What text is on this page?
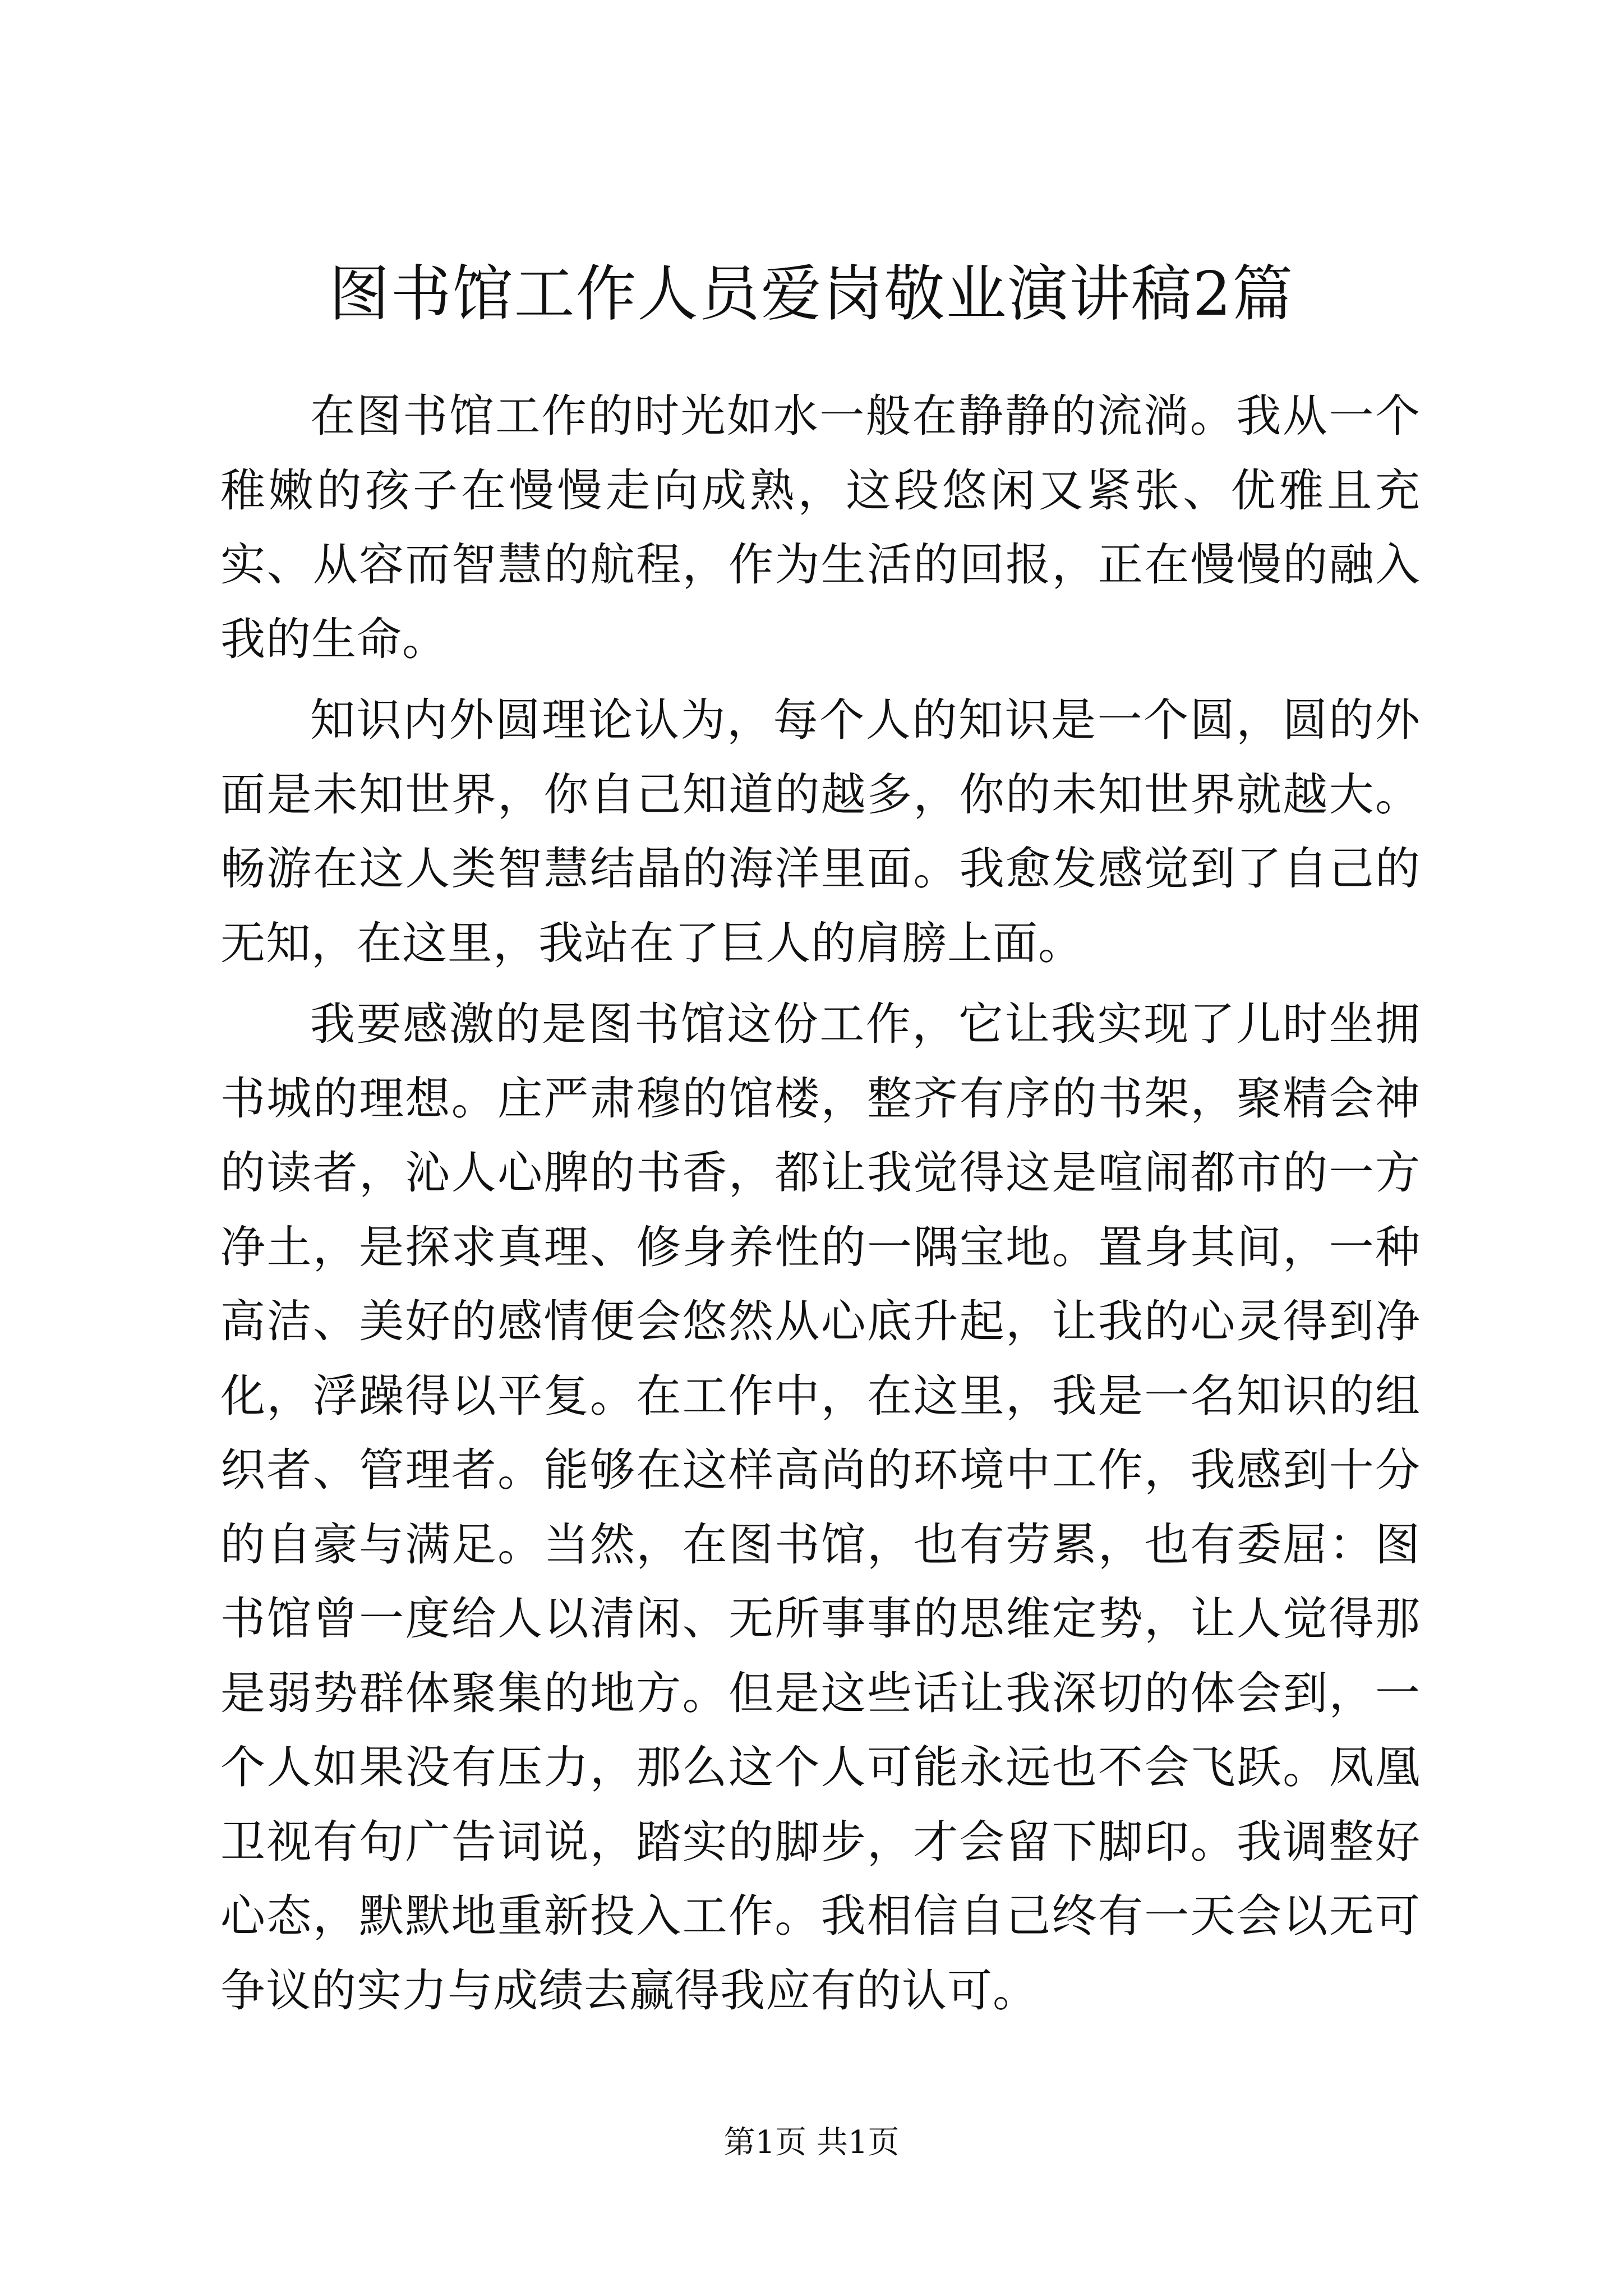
图书馆工作人员爱岗敬业演讲稿2篇

在图书馆工作的时光如水一般在静静的流淌。我从一个稚嫩的孩子在慢慢走向成熟，这段悠闲又紧张、优雅且充实、从容而智慧的航程，作为生活的回报，正在慢慢的融入我的生命。

知识内外圆理论认为，每个人的知识是一个圆，圆的外面是未知世界，你自己知道的越多，你的未知世界就越大。畅游在这人类智慧结晶的海洋里面。我愈发感觉到了自己的无知，在这里，我站在了巨人的肩膀上面。

我要感激的是图书馆这份工作，它让我实现了儿时坐拥书城的理想。庄严肃穆的馆楼，整齐有序的书架，聚精会神的读者，沁人心脾的书香，都让我觉得这是喧闹都市的一方净土，是探求真理、修身养性的一隅宝地。置身其间，一种高洁、美好的感情便会悠然从心底升起，让我的心灵得到净化，浮躁得以平复。在工作中，在这里，我是一名知识的组织者、管理者。能够在这样高尚的环境中工作，我感到十分的自豪与满足。当然，在图书馆，也有劳累，也有委屈：图书馆曾一度给人以清闲、无所事事的思维定势，让人觉得那是弱势群体聚集的地方。但是这些话让我深切的体会到，一个人如果没有压力，那么这个人可能永远也不会飞跃。凤凰卫视有句广告词说，踏实的脚步，才会留下脚印。我调整好心态，默默地重新投入工作。我相信自己终有一天会以无可争议的实力与成绩去赢得我应有的认可。

第1页 共1页
